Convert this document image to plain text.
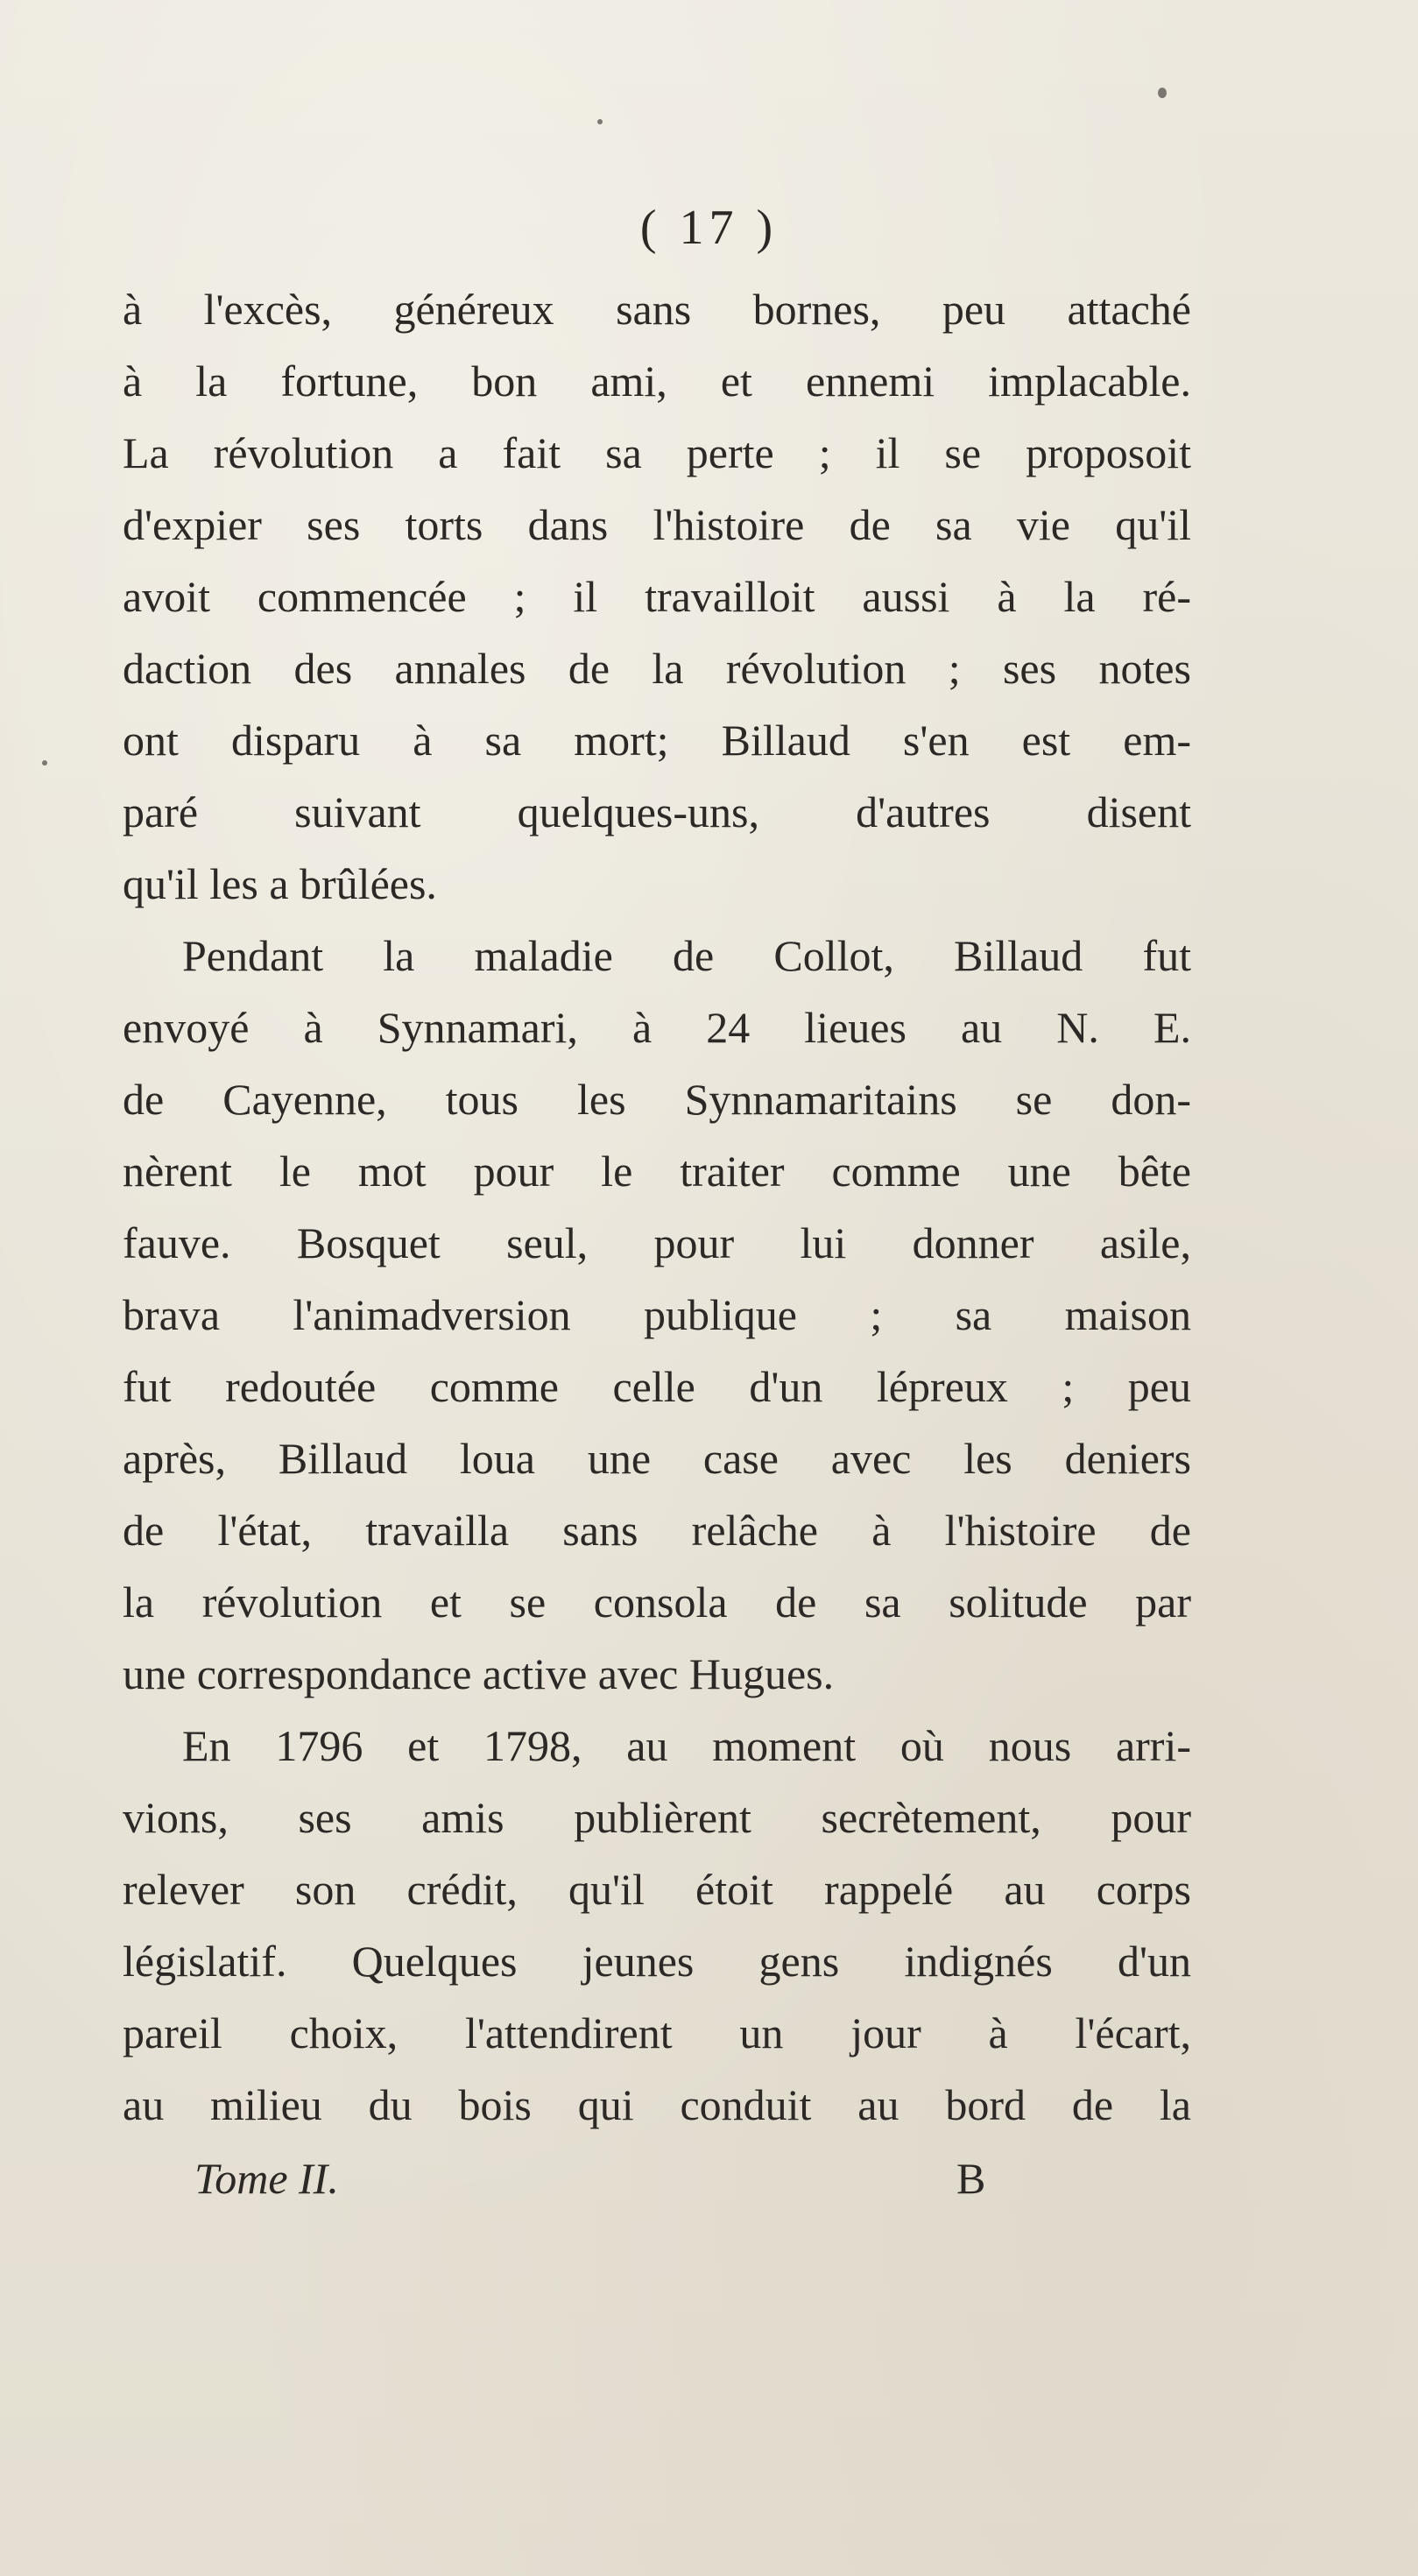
( 17 )
à l'excès, généreux sans bornes, peu attaché
à la fortune, bon ami, et ennemi implacable.
La révolution a fait sa perte ; il se proposoit
d'expier ses torts dans l'histoire de sa vie qu'il
avoit commencée ; il travailloit aussi à la ré-
daction des annales de la révolution ; ses notes
ont disparu à sa mort; Billaud s'en est em-
paré suivant quelques-uns, d'autres disent
qu'il les a brûlées.
Pendant la maladie de Collot, Billaud fut
envoyé à Synnamari, à 24 lieues au N. E.
de Cayenne, tous les Synnamaritains se don-
nèrent le mot pour le traiter comme une bête
fauve. Bosquet seul, pour lui donner asile,
brava l'animadversion publique ; sa maison
fut redoutée comme celle d'un lépreux ; peu
après, Billaud loua une case avec les deniers
de l'état, travailla sans relâche à l'histoire de
la révolution et se consola de sa solitude par
une correspondance active avec Hugues.
En 1796 et 1798, au moment où nous arri-
vions, ses amis publièrent secrètement, pour
relever son crédit, qu'il étoit rappelé au corps
législatif. Quelques jeunes gens indignés d'un
pareil choix, l'attendirent un jour à l'écart,
au milieu du bois qui conduit au bord de la
Tome II.	B
